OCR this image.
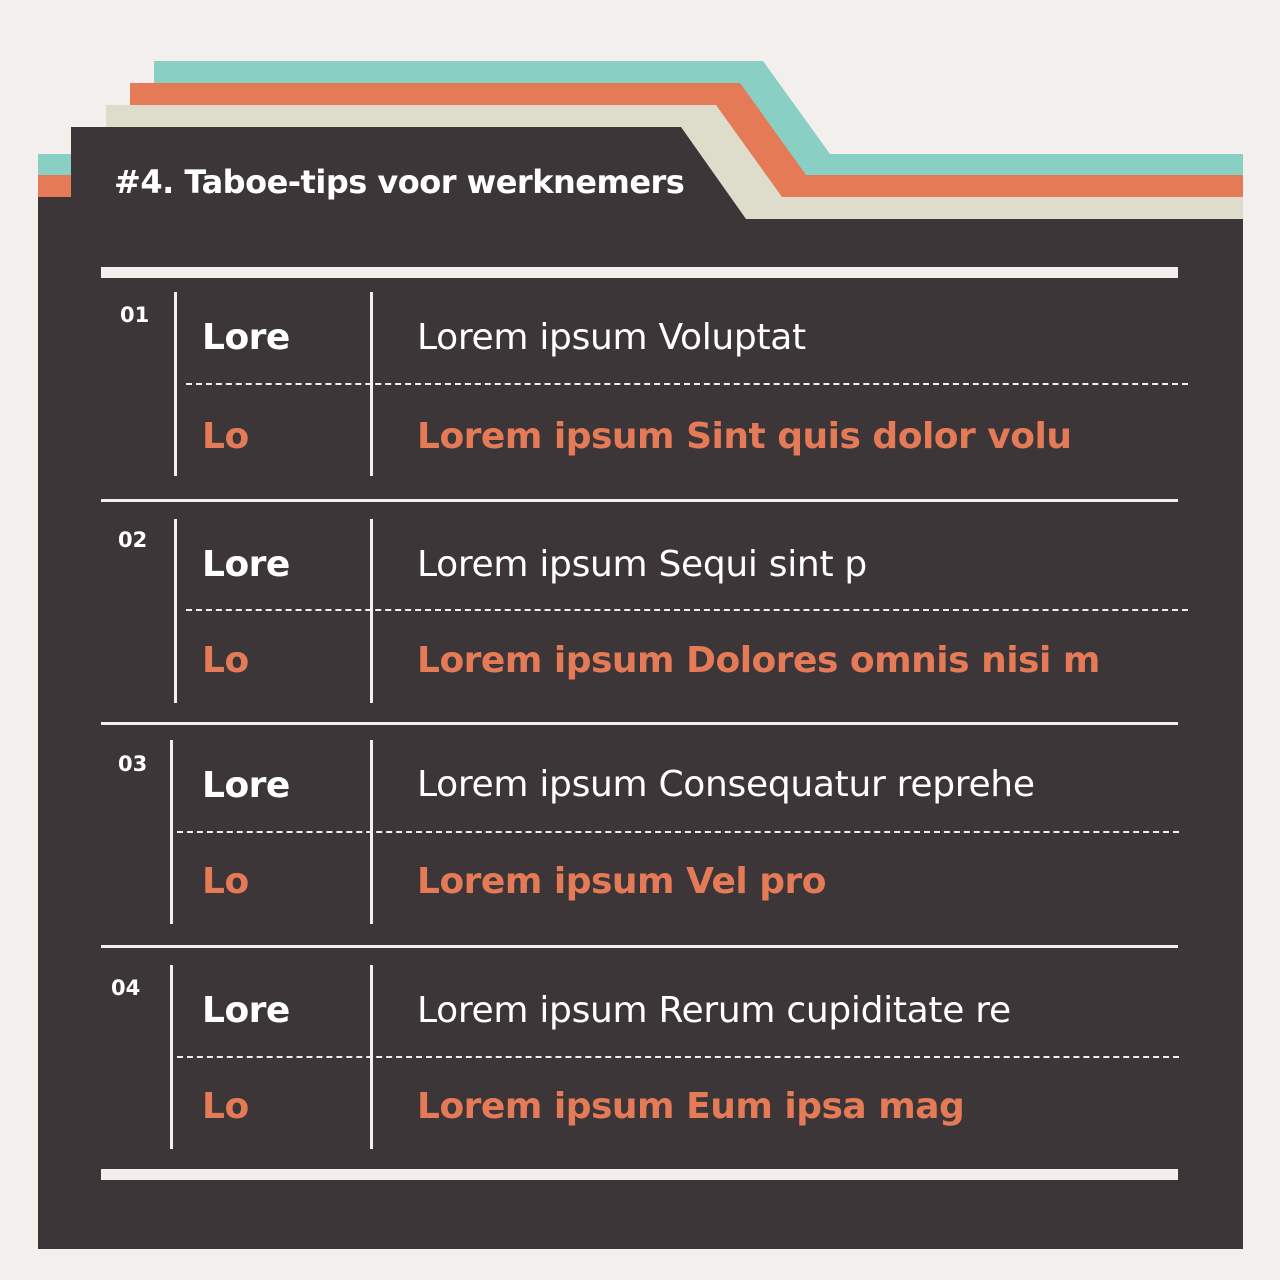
#4. Taboe-tips voor werknemers
01
Lore	Lorem ipsum Voluptat
Lo	Lorem ipsum Sint quis dolor volu
02
Lore	Lorem ipsum Sequi sint p
Lo	Lorem ipsum Dolores omnis nisi m
03
Lore	Lorem ipsum Consequatur reprehe
Lo	Lorem ipsum Vel pro
04
Lore	Lorem ipsum Rerum cupiditate re
Lo	Lorem ipsum Eum ipsa mag
